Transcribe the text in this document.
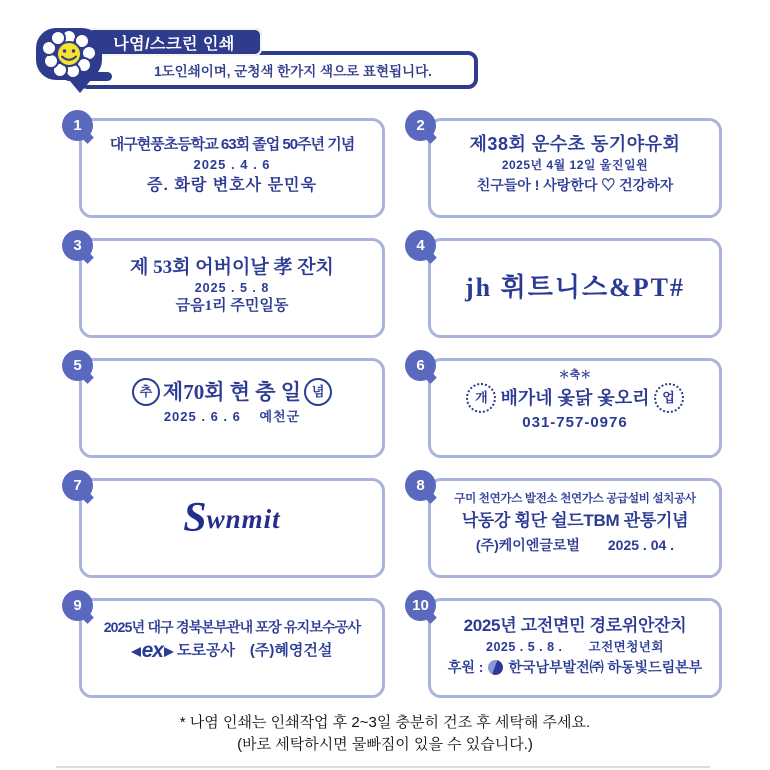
1도인쇄이며, 군청색 한가지 색으로 표현됩니다.
나염/스크린 인쇄
1	2
3	4
5	6
7	8
9	10
대구현풍초등학교 63회 졸업 50주년 기념
2025 . 4 . 6
증. 화랑 변호사 문민욱
제38회 운수초 동기야유회
2025년 4월 12일 울진일원
친구들아 ! 사랑한다 ♡ 건강하자
제 53회 어버이날 孝 잔치
2025 . 5 . 8
금음1리 주민일동
jh 휘트니스&PT#
추 제70회 현 충 일 념
2025 . 6 . 6　 예천군
＊축＊
개 배가네 옻닭 옻오리 업
031-757-0976
S wnmit
구미 천연가스 발전소 천연가스 공급설비 설치공사
낙동강 횡단 쉴드TBM 관통기념
(주)케이엔글로벌　　2025 . 04 .
2025년 대구 경북본부관내 포장 유지보수공사
ex 도로공사　(주)혜영건설
2025년 고전면민 경로위안잔치
2025 . 5 . 8 .　　고전면청년회
후원 : 한국남부발전㈜ 하동빛드림본부
* 나염 인쇄는 인쇄작업 후 2~3일 충분히 건조 후 세탁해 주세요.
(바로 세탁하시면 물빠짐이 있을 수 있습니다.)
